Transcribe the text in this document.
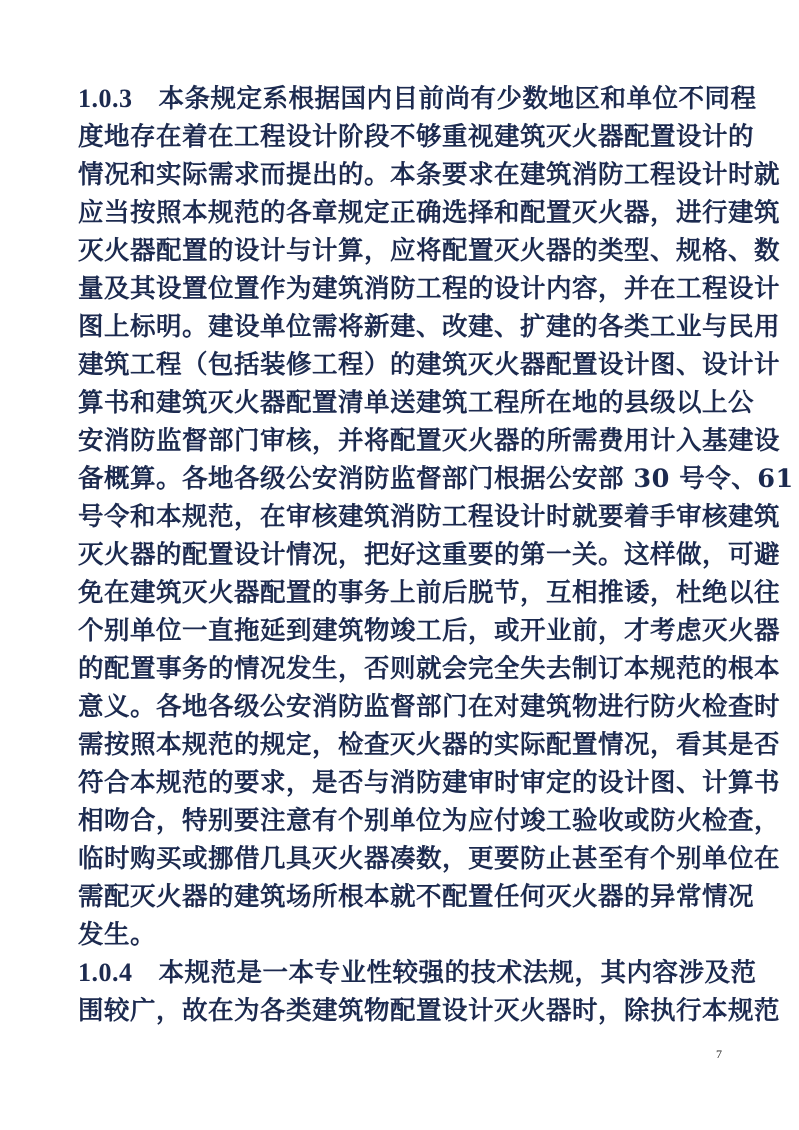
1.0.3 本条规定系根据国内目前尚有少数地区和单位不同程
度地存在着在工程设计阶段不够重视建筑灭火器配置设计的
情况和实际需求而提出的。本条要求在建筑消防工程设计时就
应当按照本规范的各章规定正确选择和配置灭火器，进行建筑
灭火器配置的设计与计算，应将配置灭火器的类型、规格、数
量及其设置位置作为建筑消防工程的设计内容，并在工程设计
图上标明。建设单位需将新建、改建、扩建的各类工业与民用
建筑工程（包括装修工程）的建筑灭火器配置设计图、设计计
算书和建筑灭火器配置清单送建筑工程所在地的县级以上公
安消防监督部门审核，并将配置灭火器的所需费用计入基建设
备概算。各地各级公安消防监督部门根据公安部 30 号令、61
号令和本规范，在审核建筑消防工程设计时就要着手审核建筑
灭火器的配置设计情况，把好这重要的第一关。这样做，可避
免在建筑灭火器配置的事务上前后脱节，互相推诿，杜绝以往
个别单位一直拖延到建筑物竣工后，或开业前，才考虑灭火器
的配置事务的情况发生，否则就会完全失去制订本规范的根本
意义。各地各级公安消防监督部门在对建筑物进行防火检查时
需按照本规范的规定，检查灭火器的实际配置情况，看其是否
符合本规范的要求，是否与消防建审时审定的设计图、计算书
相吻合，特别要注意有个别单位为应付竣工验收或防火检查，
临时购买或挪借几具灭火器凑数，更要防止甚至有个别单位在
需配灭火器的建筑场所根本就不配置任何灭火器的异常情况
发生。
1.0.4 本规范是一本专业性较强的技术法规，其内容涉及范
围较广，故在为各类建筑物配置设计灭火器时，除执行本规范
7
